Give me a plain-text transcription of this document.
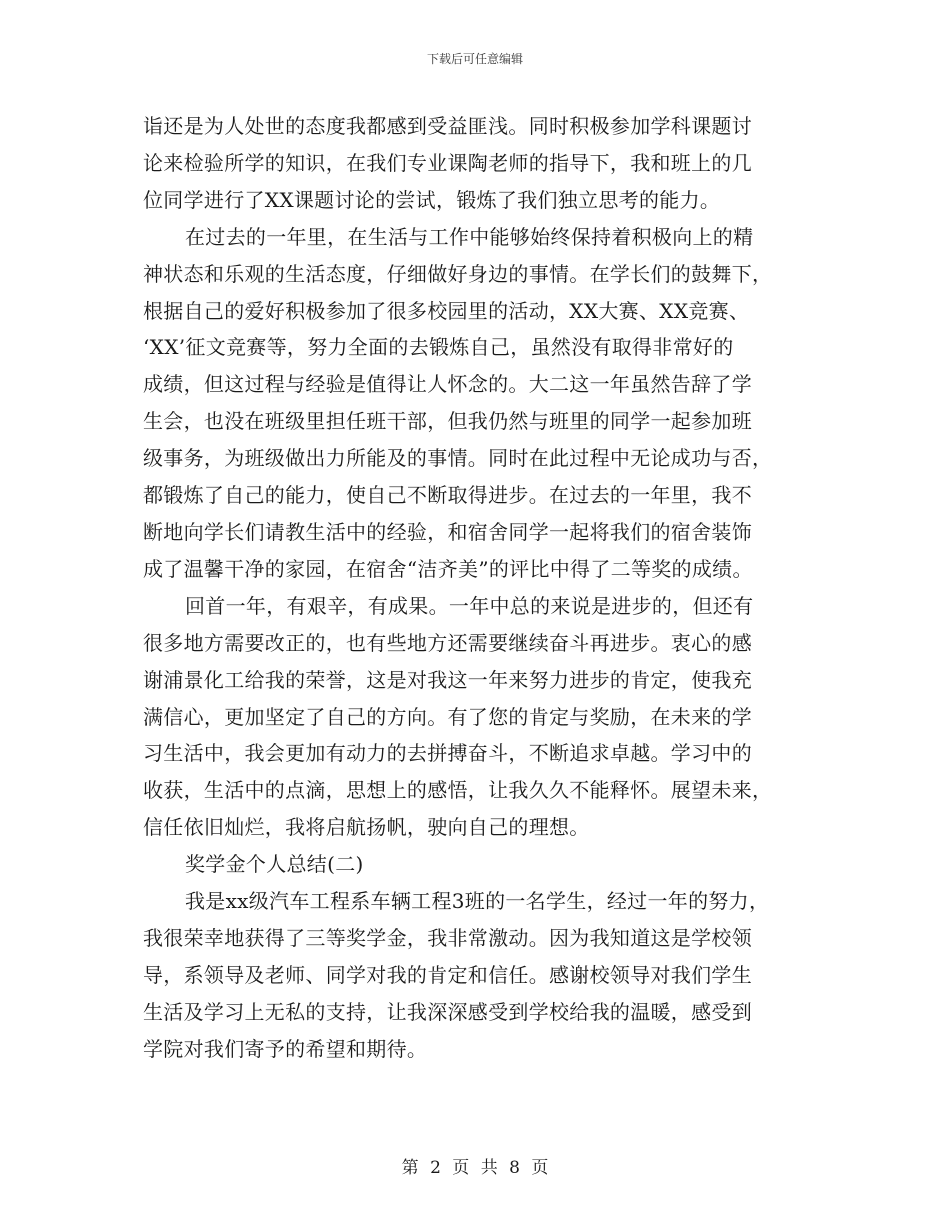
下载后可任意编辑

诣还是为人处世的态度我都感到受益匪浅。同时积极参加学科课题讨
论来检验所学的知识，在我们专业课陶老师的指导下，我和班上的几
位同学进行了XX课题讨论的尝试，锻炼了我们独立思考的能力。

在过去的一年里，在生活与工作中能够始终保持着积极向上的精
神状态和乐观的生活态度，仔细做好身边的事情。在学长们的鼓舞下，
根据自己的爱好积极参加了很多校园里的活动，XX大赛、XX竞赛、
‘XX’征文竞赛等，努力全面的去锻炼自己，虽然没有取得非常好的
成绩，但这过程与经验是值得让人怀念的。大二这一年虽然告辞了学
生会，也没在班级里担任班干部，但我仍然与班里的同学一起参加班
级事务，为班级做出力所能及的事情。同时在此过程中无论成功与否，
都锻炼了自己的能力，使自己不断取得进步。在过去的一年里，我不
断地向学长们请教生活中的经验，和宿舍同学一起将我们的宿舍装饰
成了温馨干净的家园，在宿舍“洁齐美”的评比中得了二等奖的成绩。

回首一年，有艰辛，有成果。一年中总的来说是进步的，但还有
很多地方需要改正的，也有些地方还需要继续奋斗再进步。衷心的感
谢浦景化工给我的荣誉，这是对我这一年来努力进步的肯定，使我充
满信心，更加坚定了自己的方向。有了您的肯定与奖励，在未来的学
习生活中，我会更加有动力的去拼搏奋斗，不断追求卓越。学习中的
收获，生活中的点滴，思想上的感悟，让我久久不能释怀。展望未来，
信任依旧灿烂，我将启航扬帆，驶向自己的理想。

奖学金个人总结(二)

我是xx级汽车工程系车辆工程3班的一名学生，经过一年的努力，
我很荣幸地获得了三等奖学金，我非常激动。因为我知道这是学校领
导，系领导及老师、同学对我的肯定和信任。感谢校领导对我们学生
生活及学习上无私的支持，让我深深感受到学校给我的温暖，感受到
学院对我们寄予的希望和期待。

第 2 页 共 8 页
